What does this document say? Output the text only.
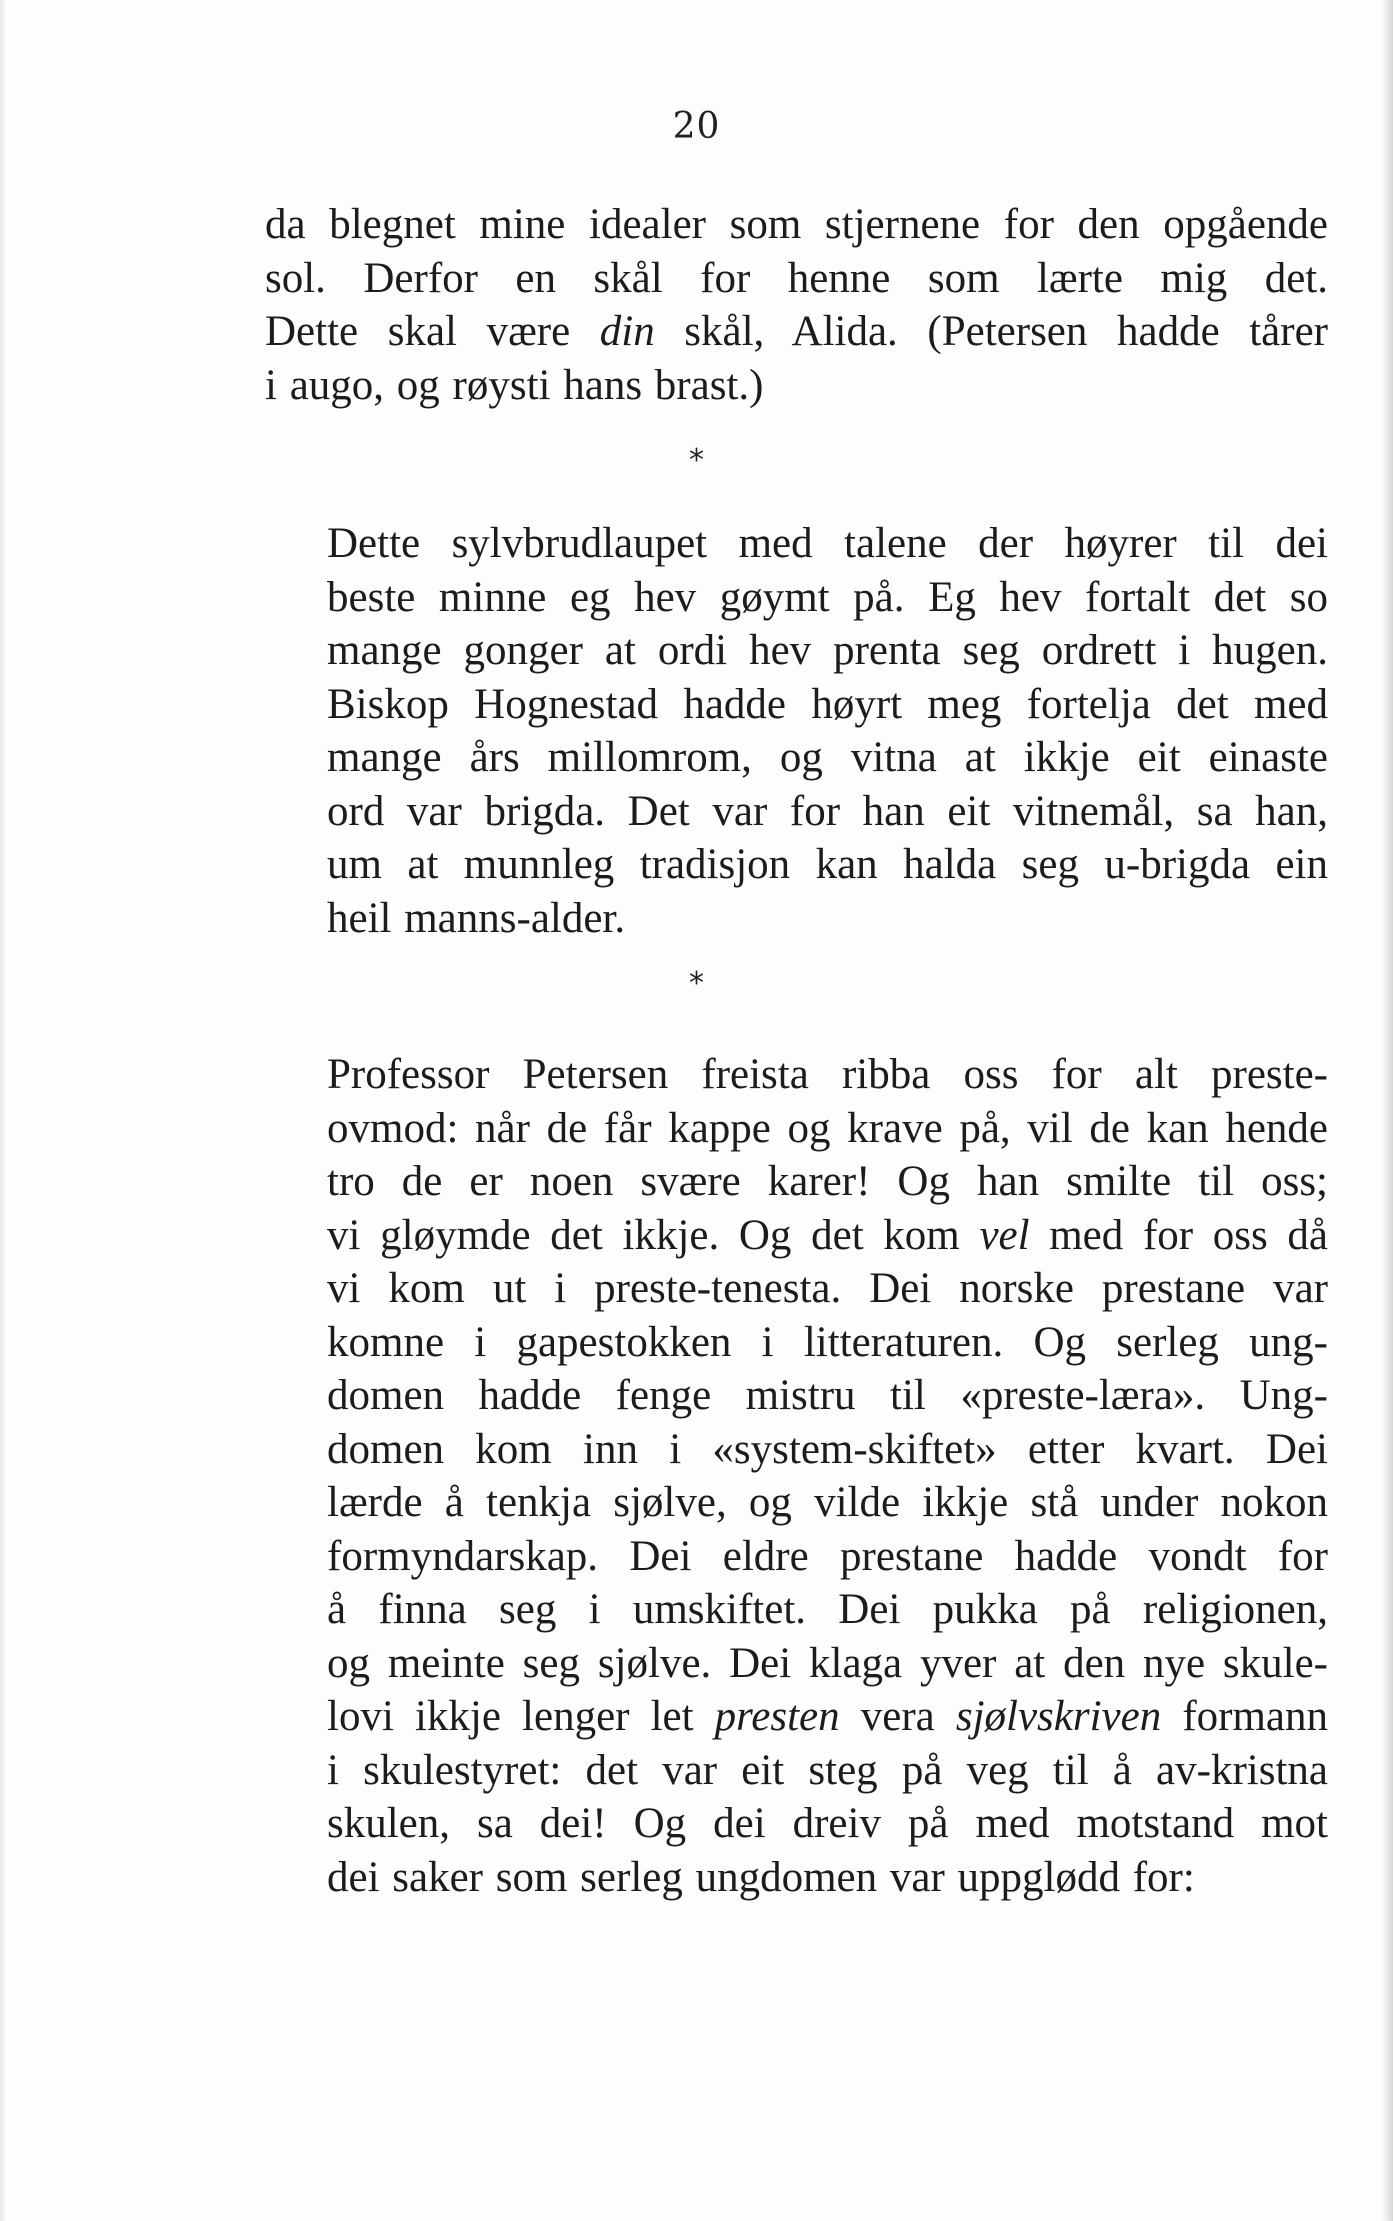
20
da blegnet mine idealer som stjernene for den opgående
sol. Derfor en skål for henne som lærte mig det.
Dette skal være din skål, Alida. (Petersen hadde tårer
i augo, og røysti hans brast.)
*
Dette sylvbrudlaupet med talene der høyrer til dei
beste minne eg hev gøymt på. Eg hev fortalt det so
mange gonger at ordi hev prenta seg ordrett i hugen.
Biskop Hognestad hadde høyrt meg fortelja det med
mange års millomrom, og vitna at ikkje eit einaste
ord var brigda. Det var for han eit vitnemål, sa han,
um at munnleg tradisjon kan halda seg u-brigda ein
heil manns-alder.
*
Professor Petersen freista ribba oss for alt preste-
ovmod: når de får kappe og krave på, vil de kan hende
tro de er noen svære karer! Og han smilte til oss;
vi gløymde det ikkje. Og det kom vel med for oss då
vi kom ut i preste-tenesta. Dei norske prestane var
komne i gapestokken i litteraturen. Og serleg ung-
domen hadde fenge mistru til «preste-læra». Ung-
domen kom inn i «system-skiftet» etter kvart. Dei
lærde å tenkja sjølve, og vilde ikkje stå under nokon
formyndarskap. Dei eldre prestane hadde vondt for
å finna seg i umskiftet. Dei pukka på religionen,
og meinte seg sjølve. Dei klaga yver at den nye skule-
lovi ikkje lenger let presten vera sjølvskriven formann
i skulestyret: det var eit steg på veg til å av-kristna
skulen, sa dei! Og dei dreiv på med motstand mot
dei saker som serleg ungdomen var uppglødd for:
